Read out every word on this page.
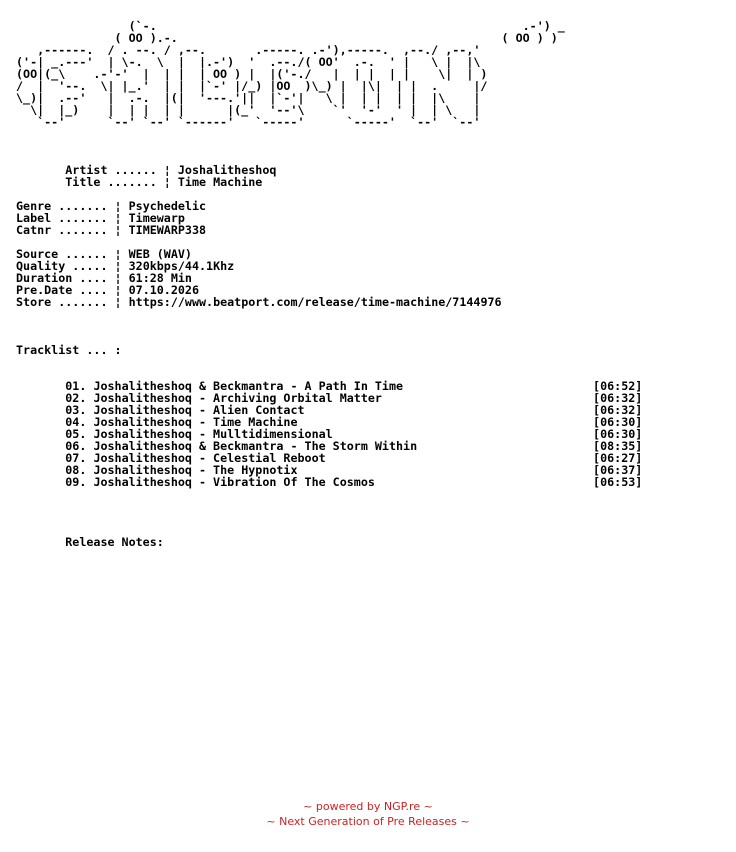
(`-.                                                    .-') _
( OO ).-.                                              ( OO ) )
,------.  / . --. / ,--.       .-----. .-'),-----.  ,--./ ,--,'
('-| _.---'  | \-.  \  |  |.-')  '  .--./( OO'  .-.  ' |   \ |  |\
(OO|(_\    .-'-'  |  | |  | OO ) |  |('-./   |  | |  | |    \|  | )
/  |  '--.  \| |_.'  | |  |`-' |/_) |OO  )\_) |  |\|  | |  .     |/
\_)|  .--'   |  .-.  |(|  '---.'||  |`-'|   \ |  | |  | |  |\    |
\|  |_)    |  | |  | |      |(_'  '--'\    `'  '-'  ' |  | \   |
`--'      `--' `--' `------'   `-----'      `-----'  `--'  `--'

Artist ...... ¦ Joshalitheshoq
Title ....... ¦ Time Machine

Genre ....... ¦ Psychedelic
Label ....... ¦ Timewarp
Catnr ....... ¦ TIMEWARP338

Source ...... ¦ WEB (WAV)
Quality ..... ¦ 320kbps/44.1Khz
Duration .... ¦ 61:28 Min
Pre.Date .... ¦ 07.10.2026
Store ....... ¦ https://www.beatport.com/release/time-machine/7144976

Tracklist ... :

01. Joshalitheshoq & Beckmantra - A Path In Time	[06:52]
02. Joshalitheshoq - Archiving Orbital Matter	[06:32]
03. Joshalitheshoq - Alien Contact	[06:32]
04. Joshalitheshoq - Time Machine	[06:30]
05. Joshalitheshoq - Mulltidimensional	[06:30]
06. Joshalitheshoq & Beckmantra - The Storm Within	[08:35]
07. Joshalitheshoq - Celestial Reboot	[06:27]
08. Joshalitheshoq - The Hypnotix	[06:37]
09. Joshalitheshoq - Vibration Of The Cosmos	[06:53]

Release Notes:
~ powered by NGP.re ~
~ Next Generation of Pre Releases ~
